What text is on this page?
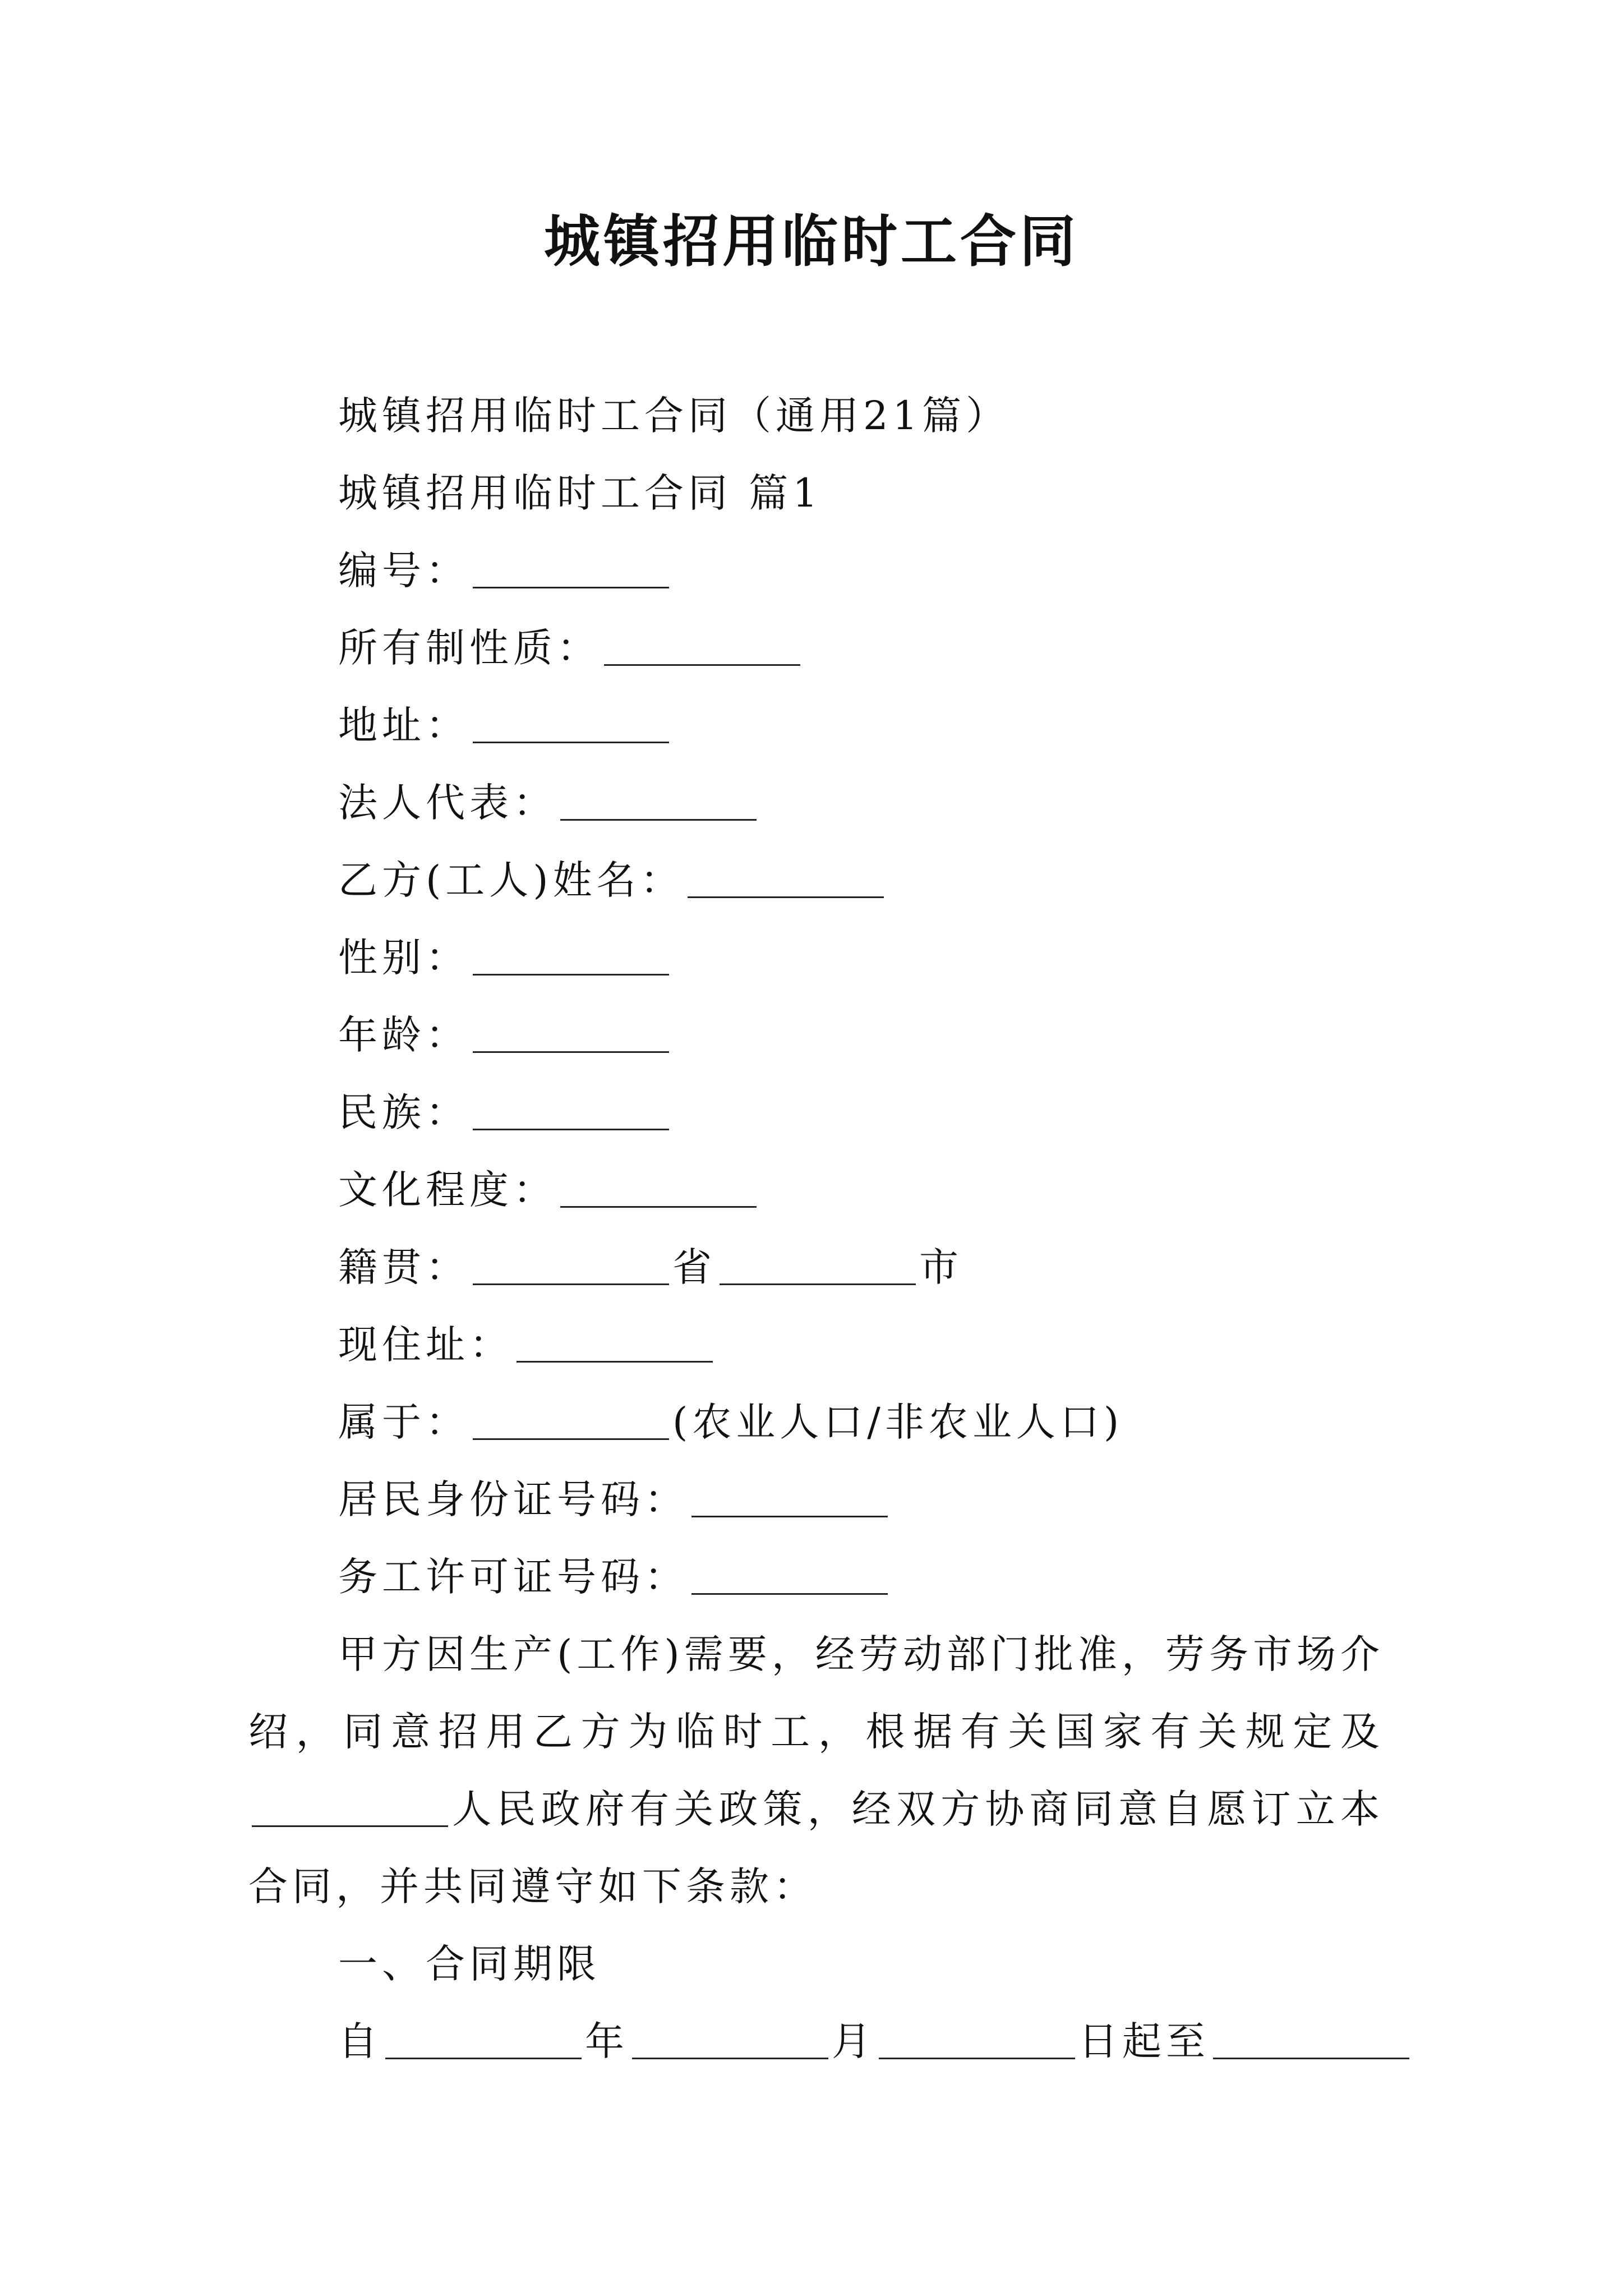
城镇招用临时工合同
城镇招用临时工合同（通用21篇）
城镇招用临时工合同 篇1
编号：
所有制性质：
地址：
法人代表：
乙方(工人)姓名：
性别：
年龄：
民族：
文化程度：
籍贯：	省	市
现住址：
属于：	(农业人口/非农业人口)
居民身份证号码：
务工许可证号码：
甲方因生产(工作)需要，经劳动部门批准，劳务市场介绍，同意招用乙方为临时工，根据有关国家有关规定及人民政府有关政策，经双方协商同意自愿订立本合同，并共同遵守如下条款：
一、合同期限
自	年	月	日起至
